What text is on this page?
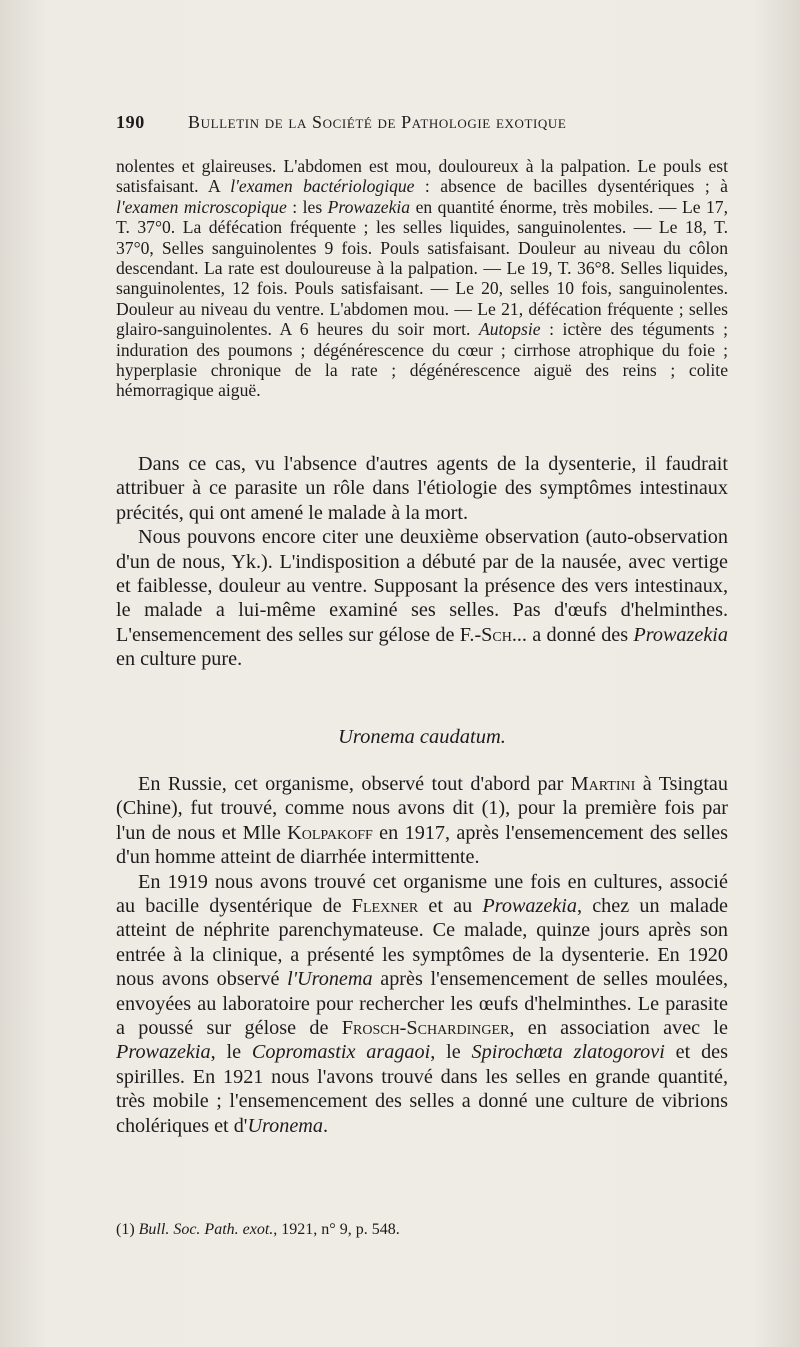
190 Bulletin de la Société de Pathologie exotique

nolentes et glaireuses. L'abdomen est mou, douloureux à la palpation. Le pouls est satisfaisant. A l'examen bactériologique : absence de bacilles dysentériques ; à l'examen microscopique : les Prowazekia en quantité énorme, très mobiles. — Le 17, T. 37°0. La défécation fréquente ; les selles liquides, sanguinolentes. — Le 18, T. 37°0, Selles sanguinolentes 9 fois. Pouls satisfaisant. Douleur au niveau du côlon descendant. La rate est douloureuse à la palpation. — Le 19, T. 36°8. Selles liquides, sanguinolentes, 12 fois. Pouls satisfaisant. — Le 20, selles 10 fois, sanguinolentes. Douleur au niveau du ventre. L'abdomen mou. — Le 21, défécation fréquente ; selles glairo-sanguinolentes. A 6 heures du soir mort. Autopsie : ictère des téguments ; induration des poumons ; dégénérescence du cœur ; cirrhose atrophique du foie ; hyperplasie chronique de la rate ; dégénérescence aiguë des reins ; colite hémorragique aiguë.

Dans ce cas, vu l'absence d'autres agents de la dysenterie, il faudrait attribuer à ce parasite un rôle dans l'étiologie des symptômes intestinaux précités, qui ont amené le malade à la mort.

Nous pouvons encore citer une deuxième observation (auto-observation d'un de nous, Yk.). L'indisposition a débuté par de la nausée, avec vertige et faiblesse, douleur au ventre. Supposant la présence des vers intestinaux, le malade a lui-même examiné ses selles. Pas d'œufs d'helminthes. L'ensemencement des selles sur gélose de F.-Sch... a donné des Prowazekia en culture pure.

Uronema caudatum.

En Russie, cet organisme, observé tout d'abord par Martini à Tsingtau (Chine), fut trouvé, comme nous avons dit (1), pour la première fois par l'un de nous et Mlle Kolpakoff en 1917, après l'ensemencement des selles d'un homme atteint de diarrhée intermittente.

En 1919 nous avons trouvé cet organisme une fois en cultures, associé au bacille dysentérique de Flexner et au Prowazekia, chez un malade atteint de néphrite parenchymateuse. Ce malade, quinze jours après son entrée à la clinique, a présenté les symptômes de la dysenterie. En 1920 nous avons observé l'Uronema après l'ensemencement de selles moulées, envoyées au laboratoire pour rechercher les œufs d'helminthes. Le parasite a poussé sur gélose de Frosch-Schardinger, en association avec le Prowazekia, le Copromastix aragaoi, le Spirochœta zlatogorovi et des spirilles. En 1921 nous l'avons trouvé dans les selles en grande quantité, très mobile ; l'ensemencement des selles a donné une culture de vibrions cholériques et d'Uronema.

(1) Bull. Soc. Path. exot., 1921, n° 9, p. 548.
